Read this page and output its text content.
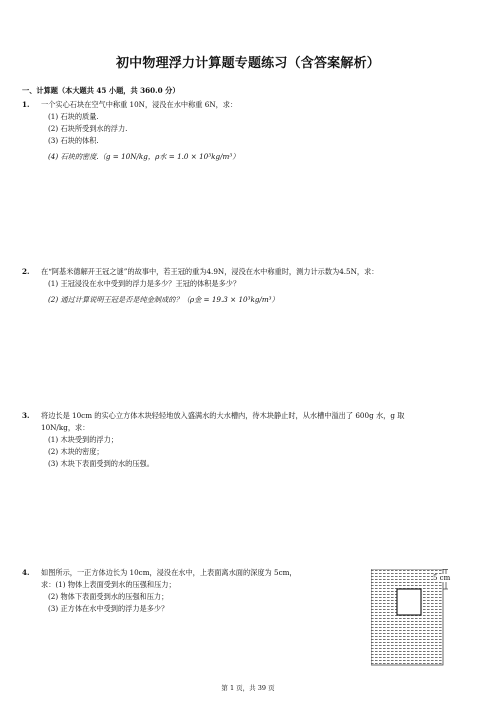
初中物理浮力计算题专题练习（含答案解析）
一、计算题（本大题共 45 小题，共 360.0 分）
1. 一个实心石块在空气中称重 10N，浸没在水中称重 6N，求：
(1) 石块的质量.
(2) 石块所受到水的浮力.
(3) 石块的体积.
(4) 石块的密度.（g = 10N/kg，ρ水 = 1.0 × 10³kg/m³）
2. 在“阿基米德解开王冠之谜”的故事中，若王冠的重为4.9N，浸没在水中称重时，测力计示数为4.5N，求：
(1) 王冠浸没在水中受到的浮力是多少？王冠的体积是多少？
(2) 通过计算说明王冠是否是纯金制成的？（ρ金 = 19.3 × 10³kg/m³）
3. 将边长是 10cm 的实心立方体木块轻轻地放入盛满水的大水槽内，待木块静止时，从水槽中溢出了 600g 水，g 取
10N/kg，求：
(1) 木块受到的浮力；
(2) 木块的密度；
(3) 木块下表面受到的水的压强。
4. 如图所示，一正方体边长为 10cm，浸没在水中，上表面离水面的深度为 5cm，
求：(1) 物体上表面受到水的压强和压力；
(2) 物体下表面受到水的压强和压力；
(3) 正方体在水中受到的浮力是多少？
5 cm
第 1 页，共 39 页
